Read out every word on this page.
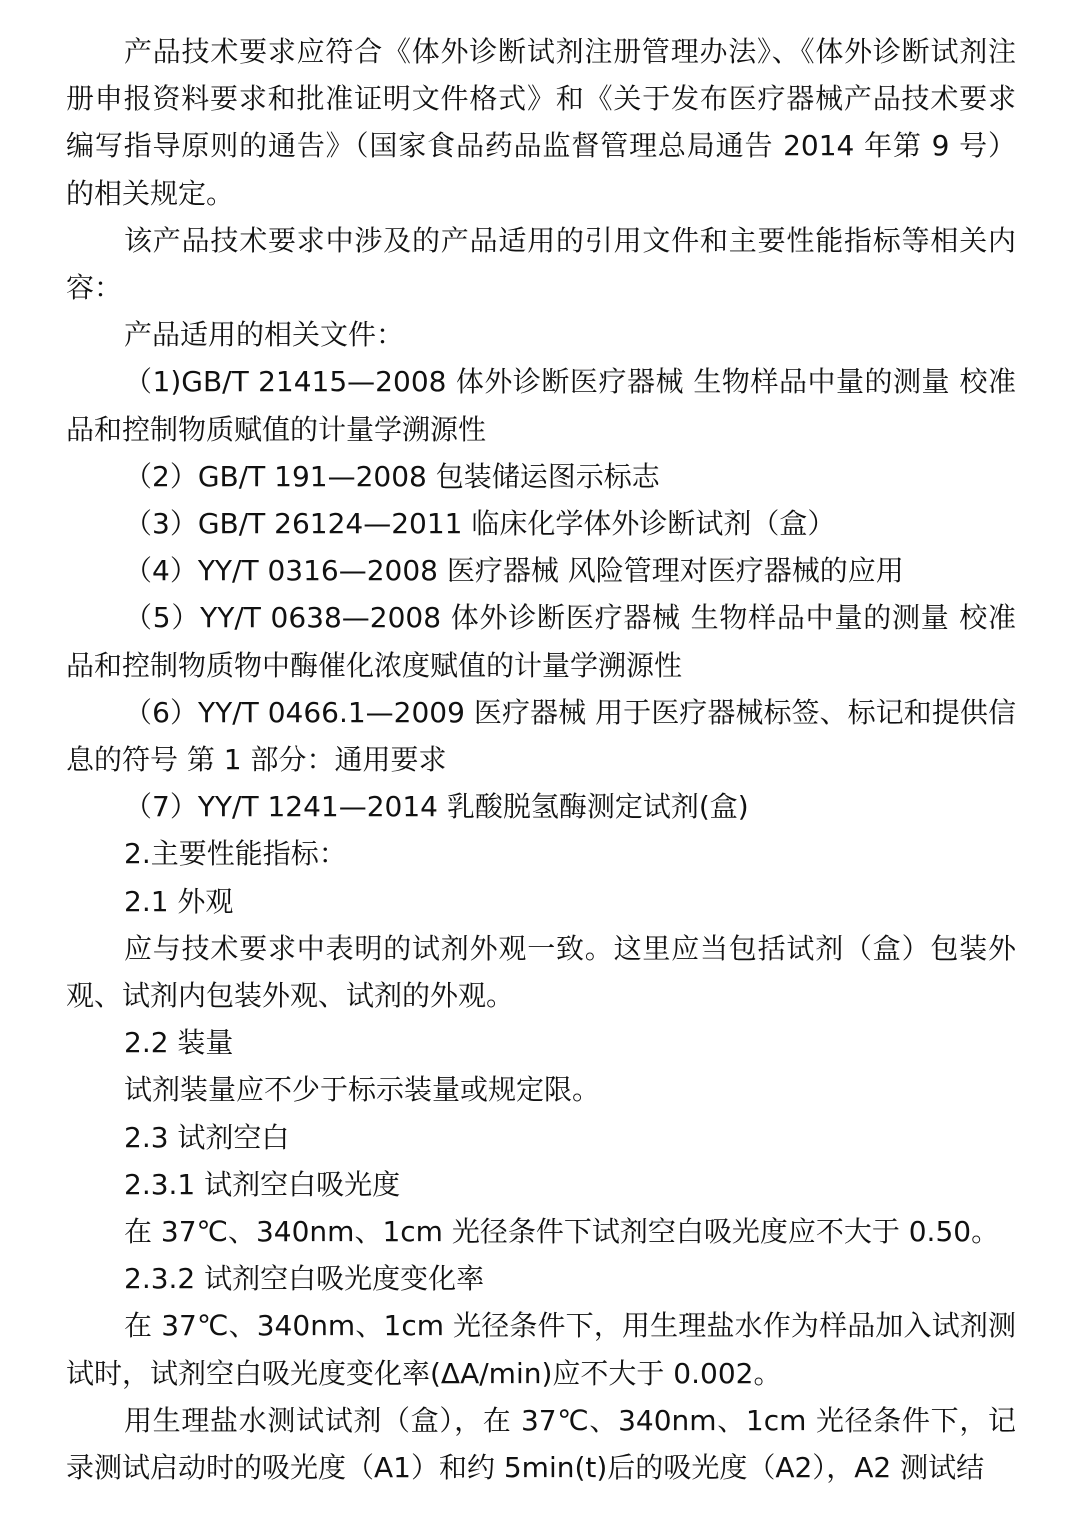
产品技术要求应符合《体外诊断试剂注册管理办法》、《体外诊断试剂注册申报资料要求和批准证明文件格式》和《关于发布医疗器械产品技术要求编写指导原则的通告》（国家食品药品监督管理总局通告 2014 年第 9 号）的相关规定。

该产品技术要求中涉及的产品适用的引用文件和主要性能指标等相关内容：

产品适用的相关文件：

（1)GB/T 21415—2008 体外诊断医疗器械 生物样品中量的测量 校准品和控制物质赋值的计量学溯源性

（2）GB/T 191—2008 包装储运图示标志

（3）GB/T 26124—2011 临床化学体外诊断试剂（盒）

（4）YY/T 0316—2008 医疗器械 风险管理对医疗器械的应用

（5）YY/T 0638—2008 体外诊断医疗器械 生物样品中量的测量 校准品和控制物质物中酶催化浓度赋值的计量学溯源性

（6）YY/T 0466.1—2009 医疗器械 用于医疗器械标签、标记和提供信息的符号 第 1 部分：通用要求

（7）YY/T 1241—2014 乳酸脱氢酶测定试剂(盒)

2.主要性能指标：

2.1 外观

应与技术要求中表明的试剂外观一致。这里应当包括试剂（盒）包装外观、试剂内包装外观、试剂的外观。

2.2 装量

试剂装量应不少于标示装量或规定限。

2.3 试剂空白

2.3.1 试剂空白吸光度

在 37℃、340nm、1cm 光径条件下试剂空白吸光度应不大于 0.50。

2.3.2 试剂空白吸光度变化率

在 37℃、340nm、1cm 光径条件下，用生理盐水作为样品加入试剂测试时，试剂空白吸光度变化率(ΔA/min)应不大于 0.002。

用生理盐水测试试剂（盒），在 37℃、340nm、1cm 光径条件下，记录测试启动时的吸光度（A1）和约 5min(t)后的吸光度（A2），A2 测试结
